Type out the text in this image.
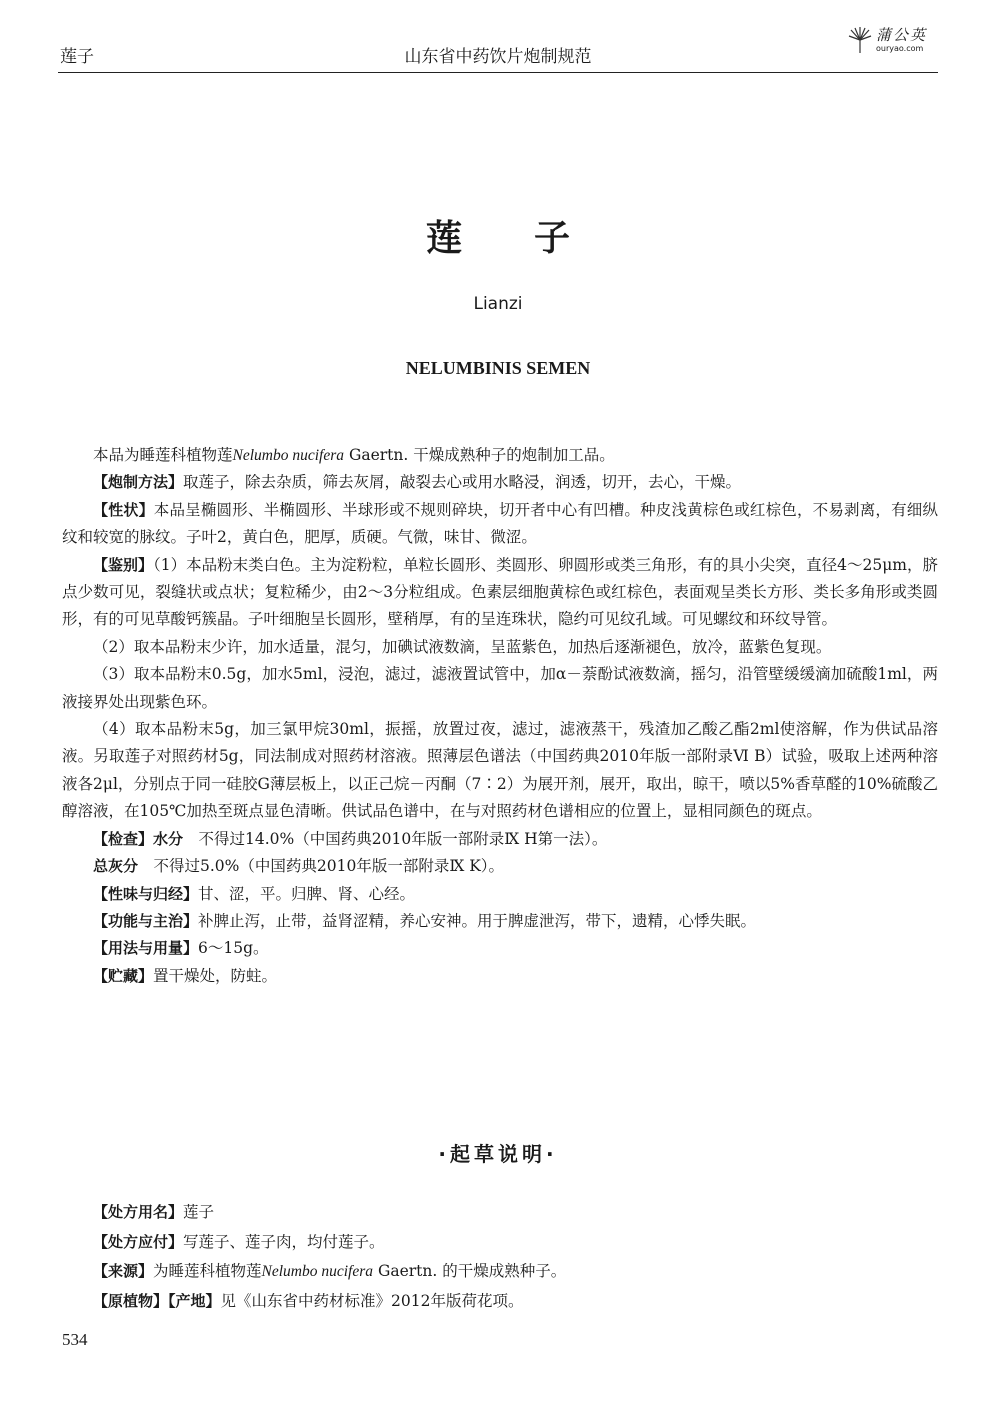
莲子	山东省中药饮片炮制规范
蒲公英
ouryao.com
莲子
Lianzi
NELUMBINIS SEMEN

本品为睡莲科植物莲Nelumbo nucifera Gaertn. 干燥成熟种子的炮制加工品。

【炮制方法】取莲子，除去杂质，筛去灰屑，敲裂去心或用水略浸，润透，切开，去心，干燥。

【性状】本品呈椭圆形、半椭圆形、半球形或不规则碎块，切开者中心有凹槽。种皮浅黄棕色或红棕色，不易剥离，有细纵纹和较宽的脉纹。子叶2，黄白色，肥厚，质硬。气微，味甘、微涩。

【鉴别】（1）本品粉末类白色。主为淀粉粒，单粒长圆形、类圆形、卵圆形或类三角形，有的具小尖突，直径4～25μm，脐点少数可见，裂缝状或点状；复粒稀少，由2～3分粒组成。色素层细胞黄棕色或红棕色，表面观呈类长方形、类长多角形或类圆形，有的可见草酸钙簇晶。子叶细胞呈长圆形，壁稍厚，有的呈连珠状，隐约可见纹孔域。可见螺纹和环纹导管。

（2）取本品粉末少许，加水适量，混匀，加碘试液数滴，呈蓝紫色，加热后逐渐褪色，放冷，蓝紫色复现。

（3）取本品粉末0.5g，加水5ml，浸泡，滤过，滤液置试管中，加α－萘酚试液数滴，摇匀，沿管壁缓缓滴加硫酸1ml，两液接界处出现紫色环。

（4）取本品粉末5g，加三氯甲烷30ml，振摇，放置过夜，滤过，滤液蒸干，残渣加乙酸乙酯2ml使溶解，作为供试品溶液。另取莲子对照药材5g，同法制成对照药材溶液。照薄层色谱法（中国药典2010年版一部附录Ⅵ B）试验，吸取上述两种溶液各2μl，分别点于同一硅胶G薄层板上，以正己烷－丙酮（7∶2）为展开剂，展开，取出，晾干，喷以5%香草醛的10%硫酸乙醇溶液，在105℃加热至斑点显色清晰。供试品色谱中，在与对照药材色谱相应的位置上，显相同颜色的斑点。

【检查】水分　不得过14.0%（中国药典2010年版一部附录Ⅸ H第一法）。

总灰分　不得过5.0%（中国药典2010年版一部附录Ⅸ K）。

【性味与归经】甘、涩，平。归脾、肾、心经。

【功能与主治】补脾止泻，止带，益肾涩精，养心安神。用于脾虚泄泻，带下，遗精，心悸失眠。

【用法与用量】6～15g。

【贮藏】置干燥处，防蛀。

·起草说明·

【处方用名】莲子

【处方应付】写莲子、莲子肉，均付莲子。

【来源】为睡莲科植物莲Nelumbo nucifera Gaertn. 的干燥成熟种子。

【原植物】【产地】见《山东省中药材标准》2012年版荷花项。

534
